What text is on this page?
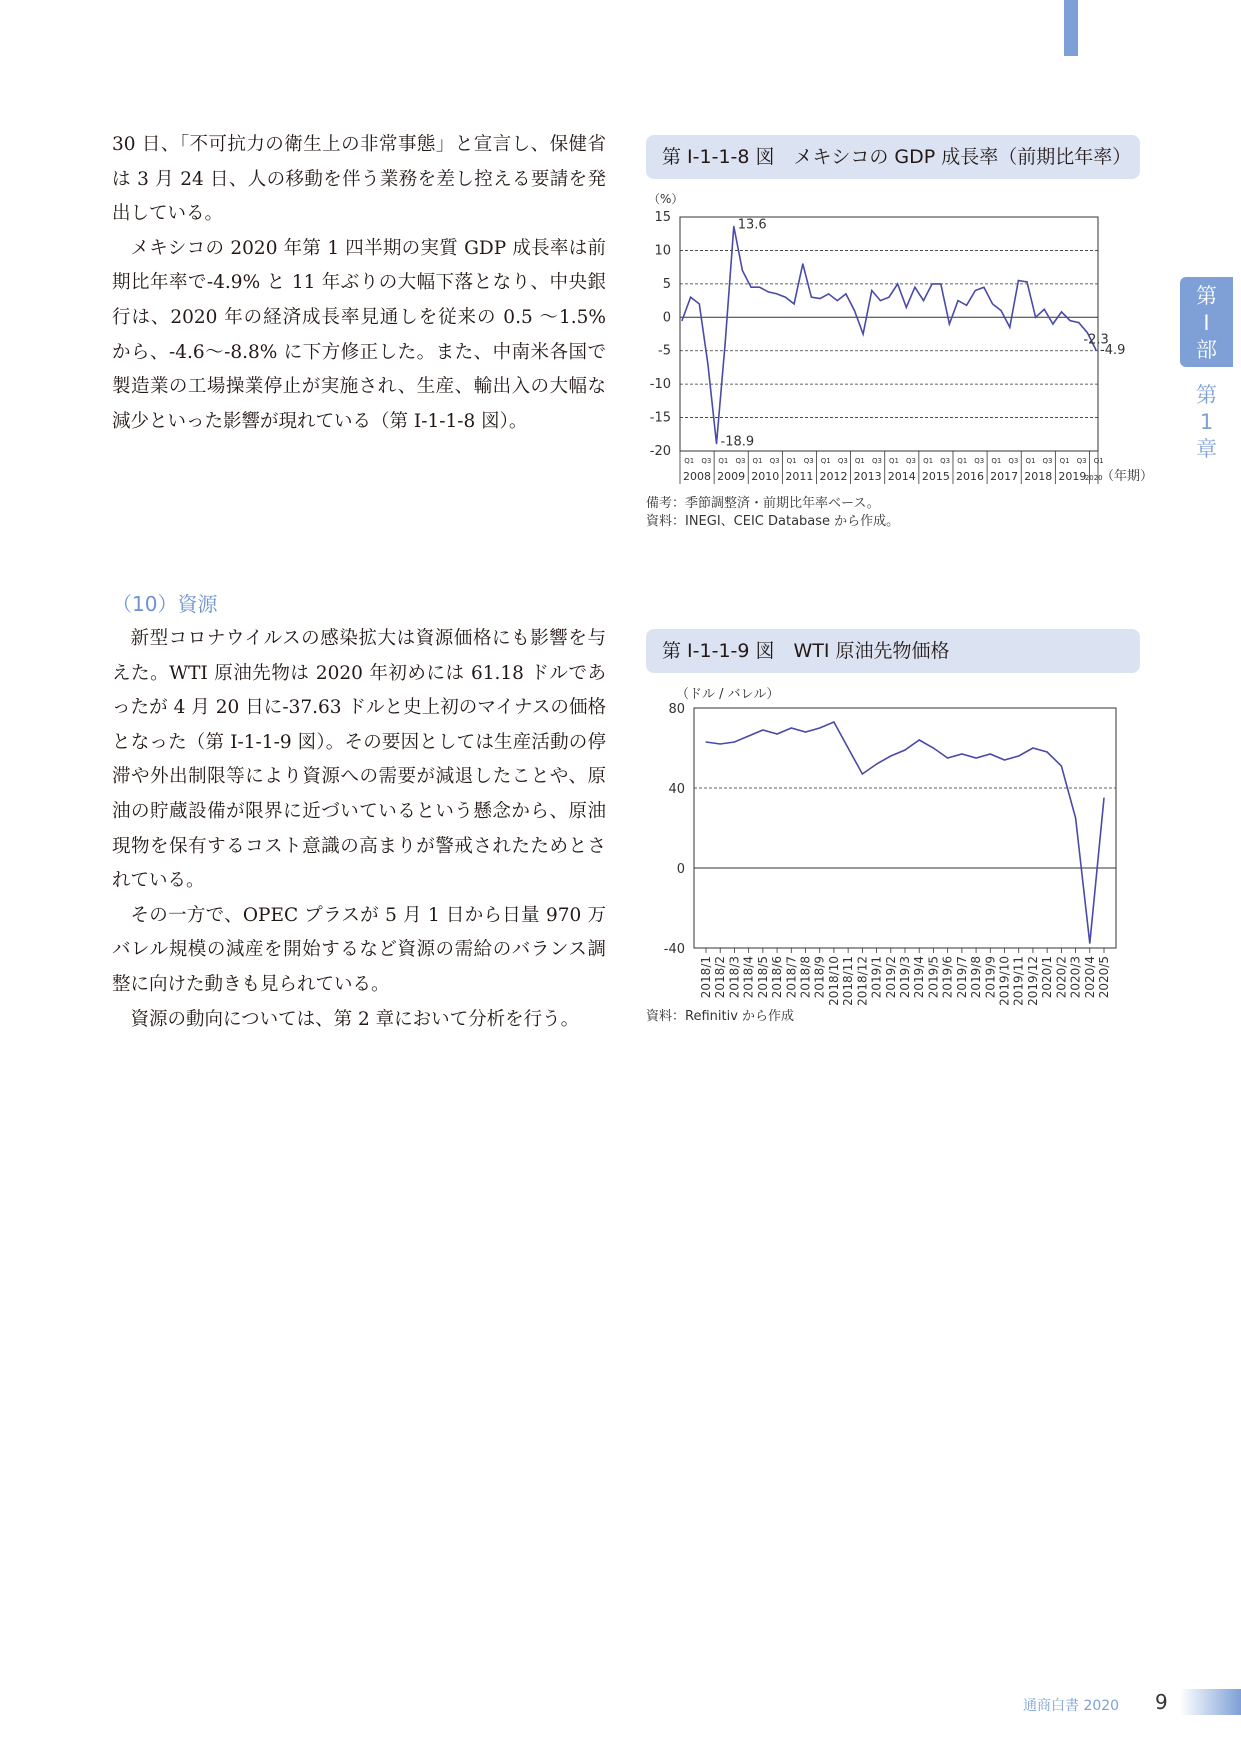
第
I
部
第
1
章

30 日、「不可抗力の衛生上の非常事態」と宣言し、保健省は 3 月 24 日、人の移動を伴う業務を差し控える要請を発出している。

メキシコの 2020 年第 1 四半期の実質 GDP 成長率は前期比年率で-4.9% と 11 年ぶりの大幅下落となり、中央銀行は、2020 年の経済成長率見通しを従来の 0.5 ～1.5% から、-4.6～-8.8% に下方修正した。また、中南米各国で製造業の工場操業停止が実施され、生産、輸出入の大幅な減少といった影響が現れている（第 I-1-1-8 図）。

（10）資源

新型コロナウイルスの感染拡大は資源価格にも影響を与えた。WTI 原油先物は 2020 年初めには 61.18 ドルであったが 4 月 20 日に-37.63 ドルと史上初のマイナスの価格となった（第 I-1-1-9 図）。その要因としては生産活動の停滞や外出制限等により資源への需要が減退したことや、原油の貯蔵設備が限界に近づいているという懸念から、原油現物を保有するコスト意識の高まりが警戒されたためとされている。

その一方で、OPEC プラスが 5 月 1 日から日量 970 万バレル規模の減産を開始するなど資源の需給のバランス調整に向けた動きも見られている。

資源の動向については、第 2 章において分析を行う。

第 I-1-1-8 図　メキシコの GDP 成長率（前期比年率）
（%）
15
10
5
0
-5
-10
-15
-20
13.6
-18.9
-2.3
-4.9
Q1 Q3
2008
Q1 Q3
2009
Q1 Q3
2010
Q1 Q3
2011
Q1 Q3
2012
Q1 Q3
2013
Q1 Q3
2014
Q1 Q3
2015
Q1 Q3
2016
Q1 Q3
2017
Q1 Q3
2018
Q1 Q3
2019
Q1
2020
（年期）
備考：季節調整済・前期比年率ベース。
資料：INEGI、CEIC Database から作成。
第 I-1-1-9 図　WTI 原油先物価格
（ドル / バレル）
80
40
0
-40
2018/1 2018/2 2018/3 2018/4 2018/5 2018/6 2018/7 2018/8 2018/9 2018/10 2018/11 2018/12 2019/1 2019/2 2019/3 2019/4 2019/5 2019/6 2019/7 2019/8 2019/9 2019/10 2019/11 2019/12 2020/1 2020/2 2020/3 2020/4 2020/5
資料：Refinitiv から作成
通商白書 2020 9
